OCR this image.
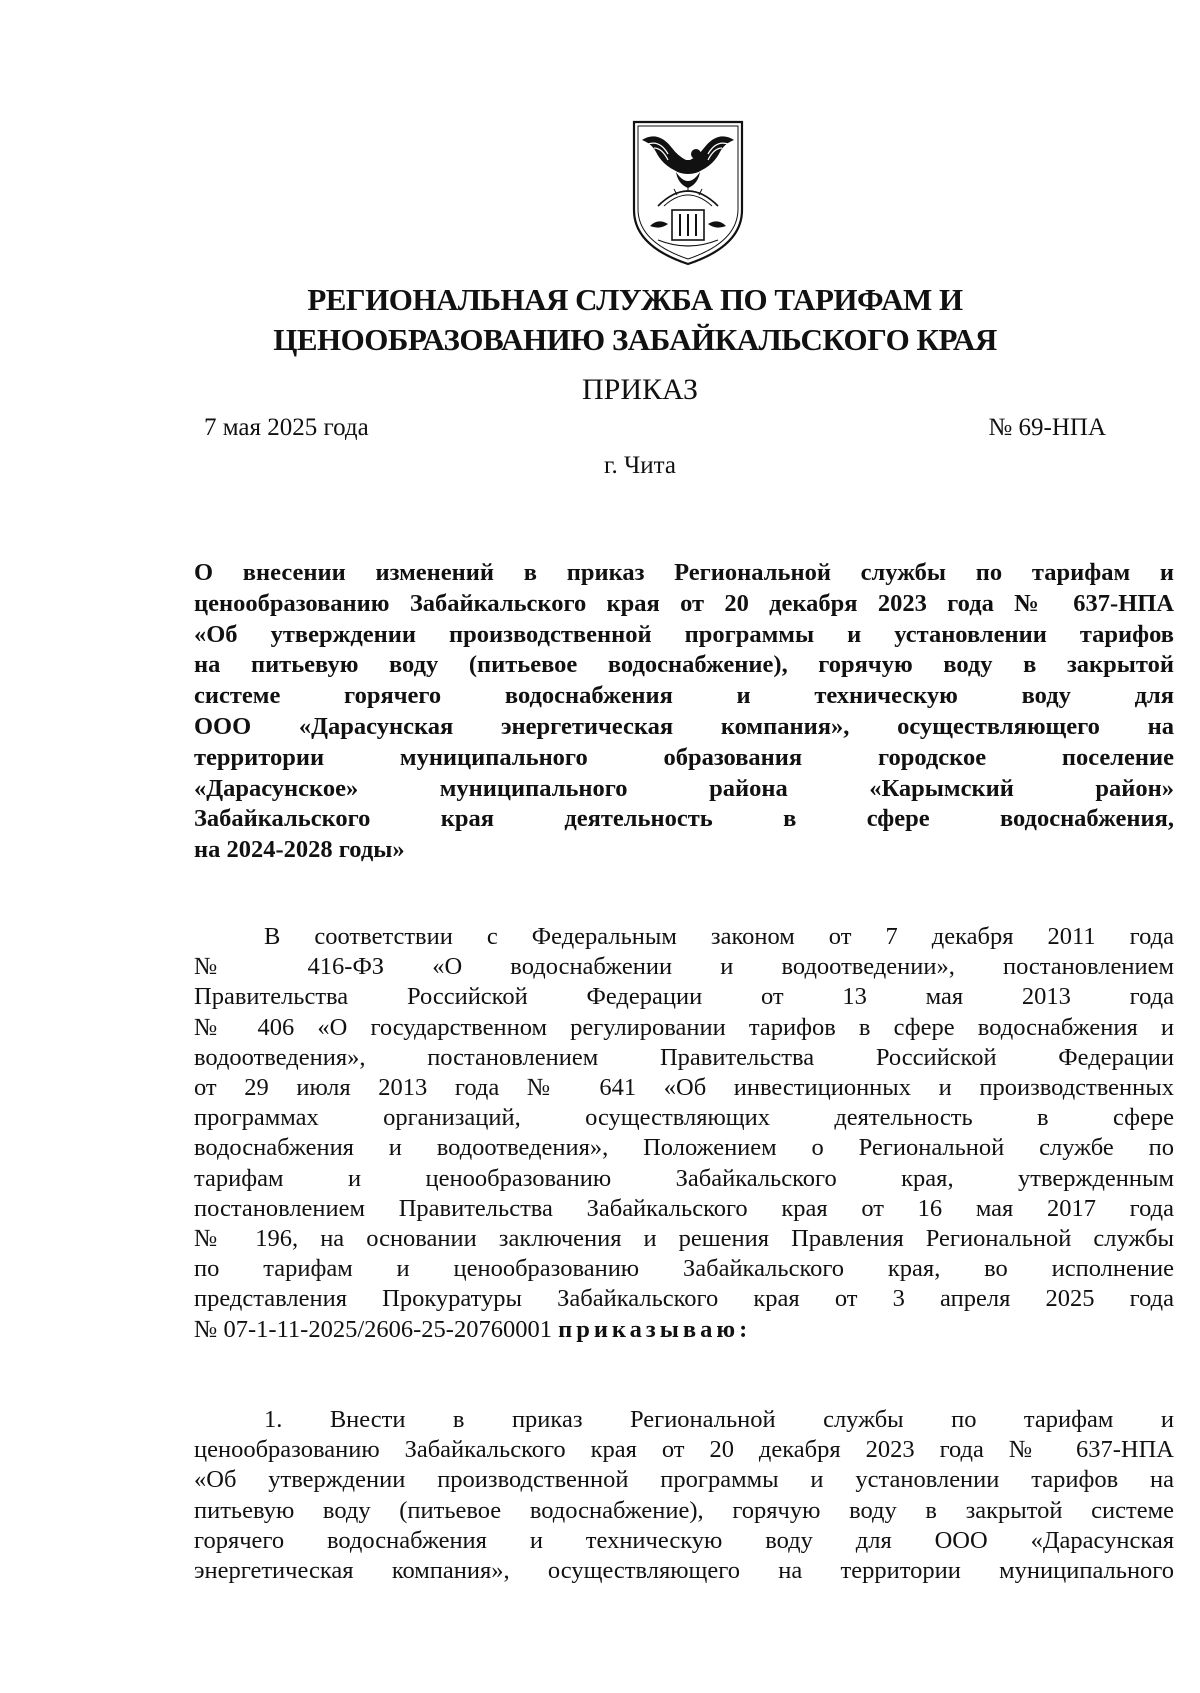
РЕГИОНАЛЬНАЯ СЛУЖБА ПО ТАРИФАМ И
ЦЕНООБРАЗОВАНИЮ ЗАБАЙКАЛЬСКОГО КРАЯ
ПРИКАЗ
7 мая 2025 года	№ 69-НПА
г. Чита
О внесении изменений в приказ Региональной службы по тарифам и
ценообразованию Забайкальского края от 20 декабря 2023 года № 637-НПА
«Об утверждении производственной программы и установлении тарифов
на питьевую воду (питьевое водоснабжение), горячую воду в закрытой
системе горячего водоснабжения и техническую воду для
ООО «Дарасунская энергетическая компания», осуществляющего на
территории муниципального образования городское поселение
«Дарасунское» муниципального района «Карымский район»
Забайкальского края деятельность в сфере водоснабжения,
на 2024-2028 годы»
В соответствии с Федеральным законом от 7 декабря 2011 года
№ 416-ФЗ «О водоснабжении и водоотведении», постановлением
Правительства Российской Федерации от 13 мая 2013 года
№ 406 «О государственном регулировании тарифов в сфере водоснабжения и
водоотведения», постановлением Правительства Российской Федерации
от 29 июля 2013 года № 641 «Об инвестиционных и производственных
программах организаций, осуществляющих деятельность в сфере
водоснабжения и водоотведения», Положением о Региональной службе по
тарифам и ценообразованию Забайкальского края, утвержденным
постановлением Правительства Забайкальского края от 16 мая 2017 года
№ 196, на основании заключения и решения Правления Региональной службы
по тарифам и ценообразованию Забайкальского края, во исполнение
представления Прокуратуры Забайкальского края от 3 апреля 2025 года
№ 07-1-11-2025/2606-25-20760001 приказываю:
1. Внести в приказ Региональной службы по тарифам и
ценообразованию Забайкальского края от 20 декабря 2023 года № 637-НПА
«Об утверждении производственной программы и установлении тарифов на
питьевую воду (питьевое водоснабжение), горячую воду в закрытой системе
горячего водоснабжения и техническую воду для ООО «Дарасунская
энергетическая компания», осуществляющего на территории муниципального
